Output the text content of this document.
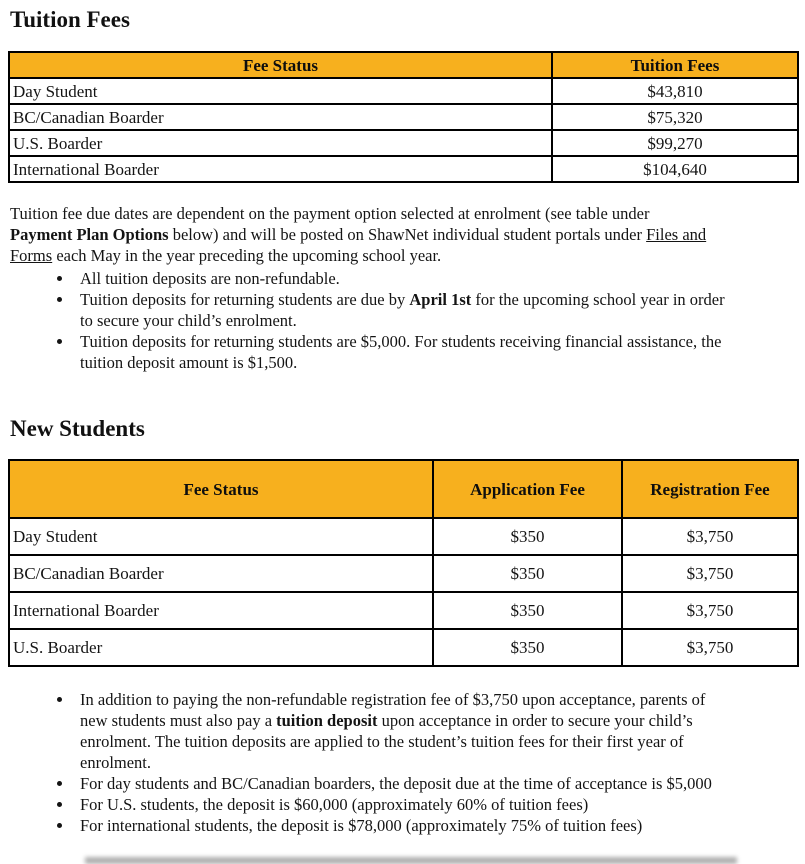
Tuition Fees
Fee Status	Tuition Fees
Day Student	$43,810
BC/Canadian Boarder	$75,320
U.S. Boarder	$99,270
International Boarder	$104,640

Tuition fee due dates are dependent on the payment option selected at enrolment (see table under
Payment Plan Options below) and will be posted on ShawNet individual student portals under Files and
Forms each May in the year preceding the upcoming school year.

• All tuition deposits are non-refundable.
• Tuition deposits for returning students are due by April 1st for the upcoming school year in order
to secure your child’s enrolment.
• Tuition deposits for returning students are $5,000. For students receiving financial assistance, the
tuition deposit amount is $1,500.
New Students
Fee Status	Application Fee	Registration Fee
Day Student	$350	$3,750
BC/Canadian Boarder	$350	$3,750
International Boarder	$350	$3,750
U.S. Boarder	$350	$3,750
• In addition to paying the non-refundable registration fee of $3,750 upon acceptance, parents of
new students must also pay a tuition deposit upon acceptance in order to secure your child’s
enrolment. The tuition deposits are applied to the student’s tuition fees for their first year of
enrolment.
• For day students and BC/Canadian boarders, the deposit due at the time of acceptance is $5,000
• For U.S. students, the deposit is $60,000 (approximately 60% of tuition fees)
• For international students, the deposit is $78,000 (approximately 75% of tuition fees)
